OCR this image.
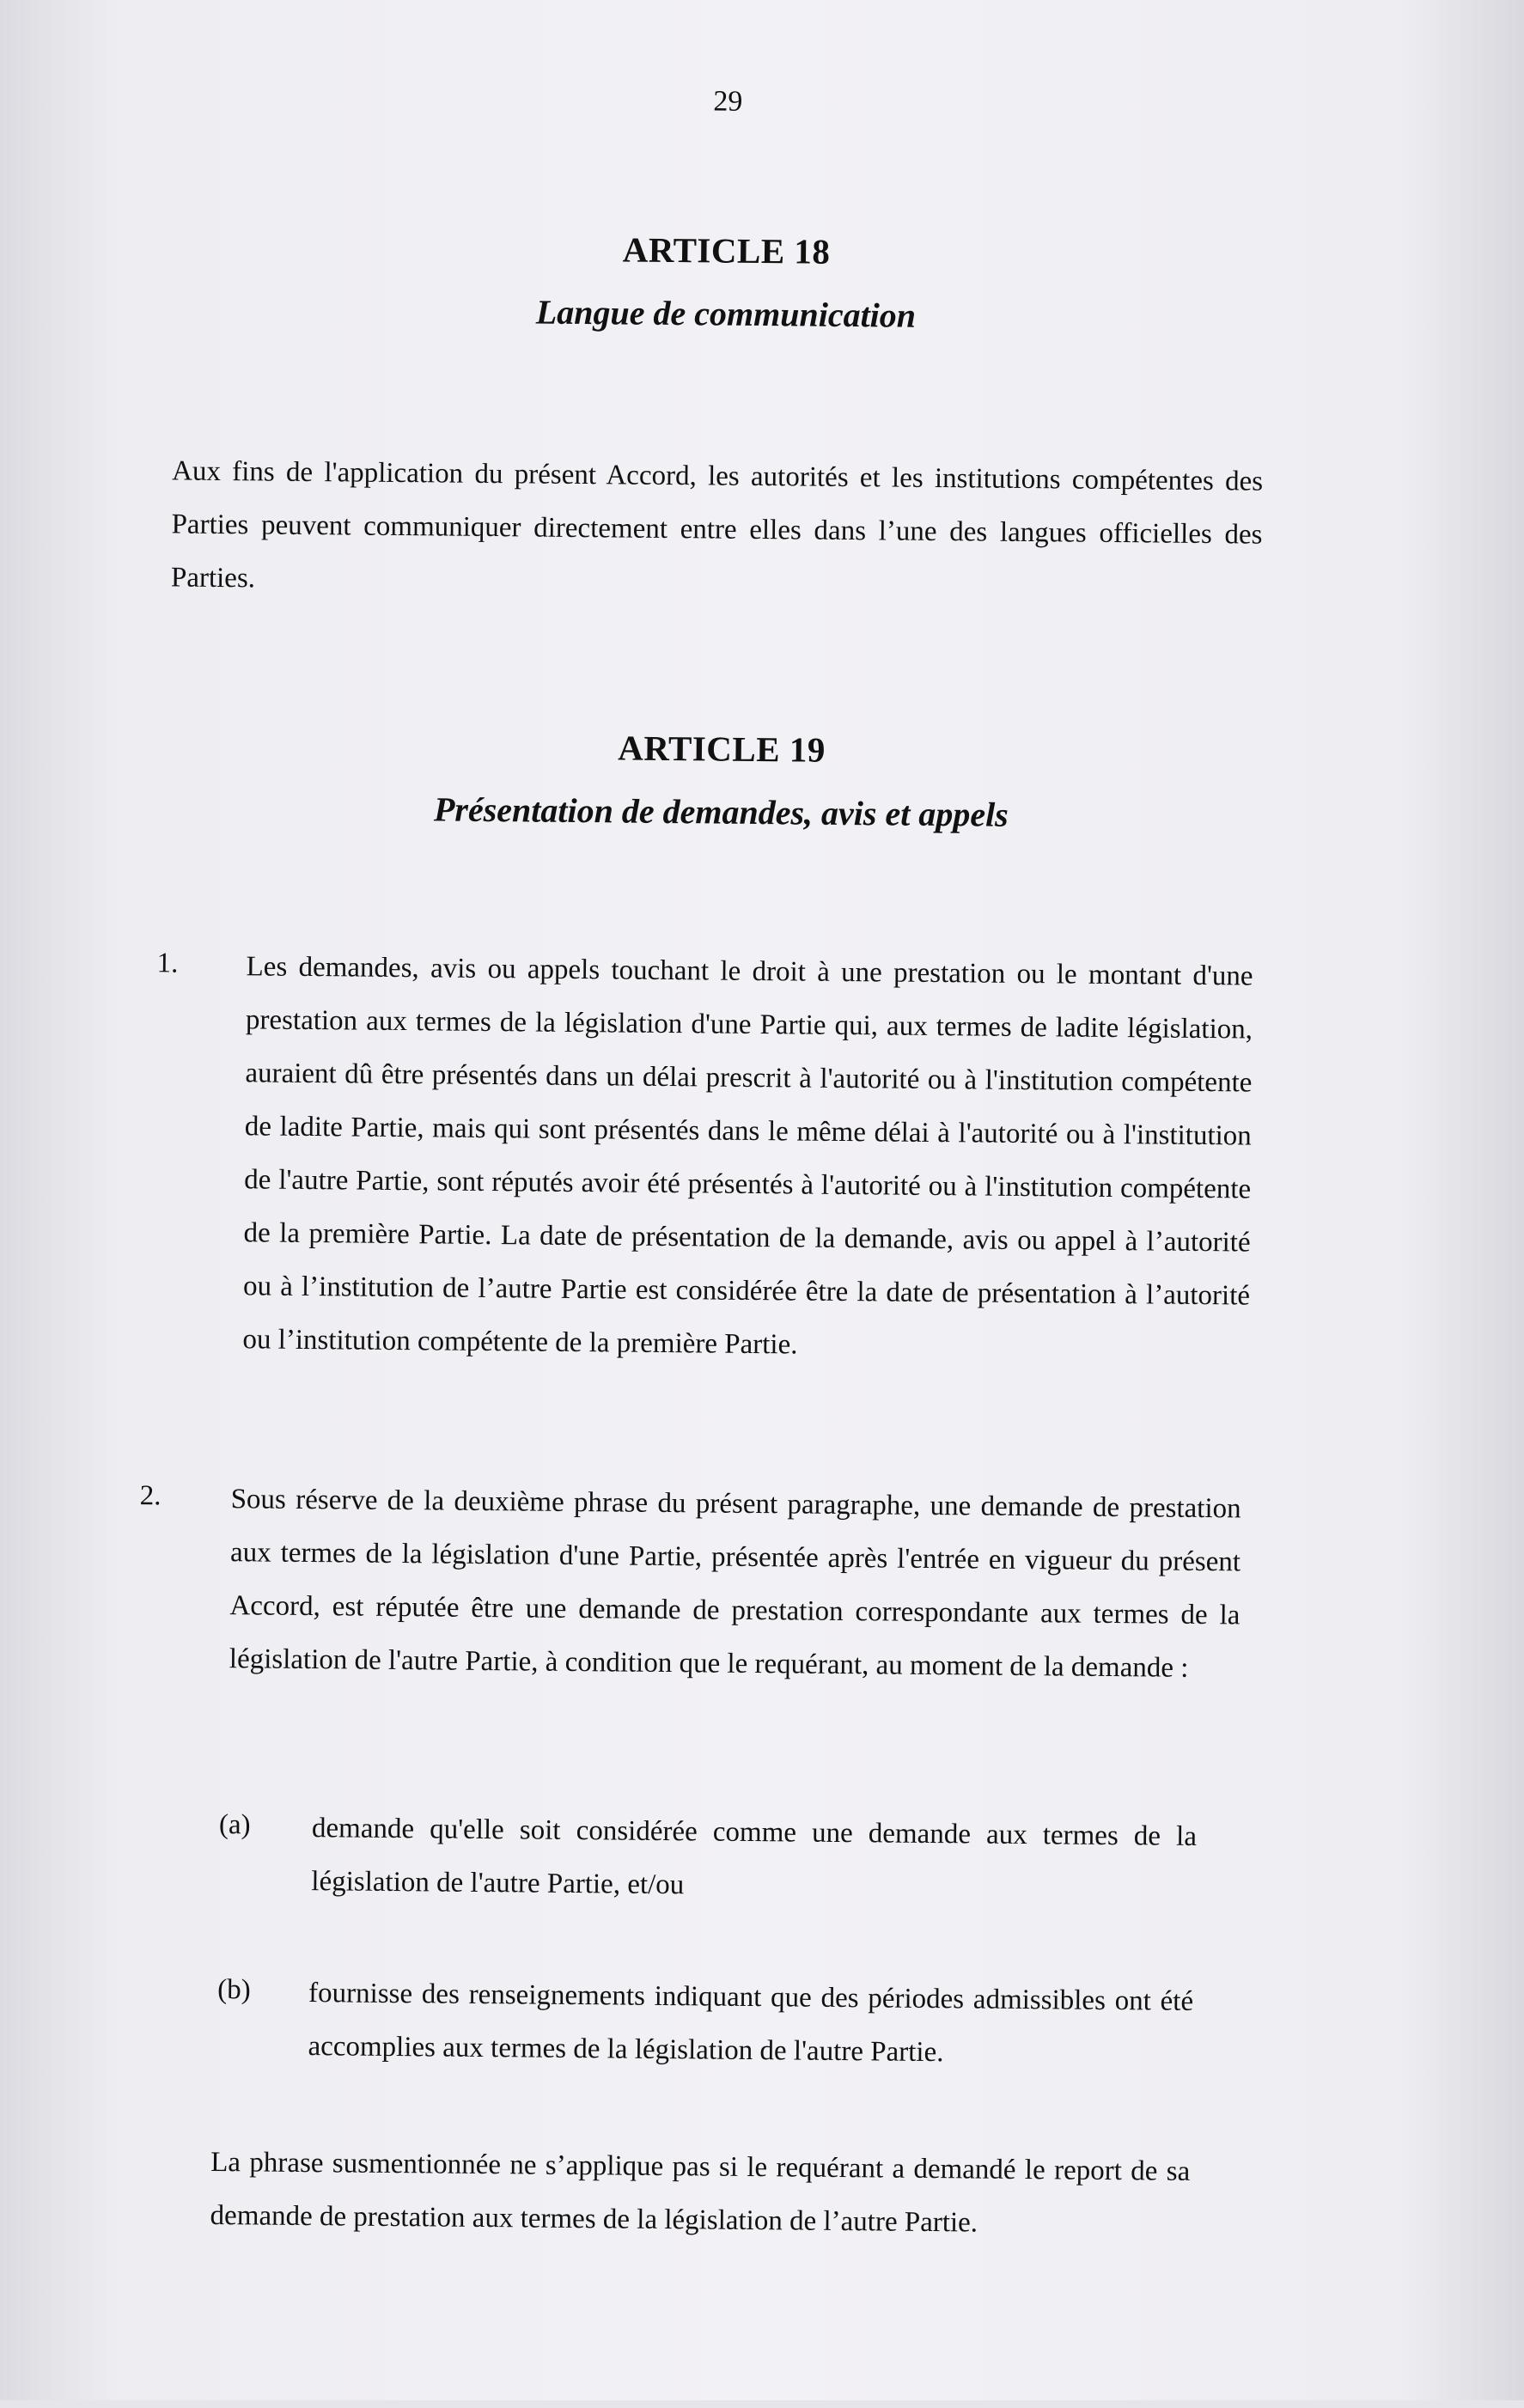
29
ARTICLE 18
Langue de communication
Aux fins de l'application du présent Accord, les autorités et les institutions compétentes des Parties peuvent communiquer directement entre elles dans l’une des langues officielles des Parties.
ARTICLE 19
Présentation de demandes, avis et appels
1. Les demandes, avis ou appels touchant le droit à une prestation ou le montant d'une prestation aux termes de la législation d'une Partie qui, aux termes de ladite législation, auraient dû être présentés dans un délai prescrit à l'autorité ou à l'institution compétente de ladite Partie, mais qui sont présentés dans le même délai à l'autorité ou à l'institution de l'autre Partie, sont réputés avoir été présentés à l'autorité ou à l'institution compétente de la première Partie. La date de présentation de la demande, avis ou appel à l’autorité ou à l’institution de l’autre Partie est considérée être la date de présentation à l’autorité ou l’institution compétente de la première Partie.
2. Sous réserve de la deuxième phrase du présent paragraphe, une demande de prestation aux termes de la législation d'une Partie, présentée après l'entrée en vigueur du présent Accord, est réputée être une demande de prestation correspondante aux termes de la législation de l'autre Partie, à condition que le requérant, au moment de la demande :
(a) demande qu'elle soit considérée comme une demande aux termes de la législation de l'autre Partie, et/ou
(b) fournisse des renseignements indiquant que des périodes admissibles ont été accomplies aux termes de la législation de l'autre Partie.
La phrase susmentionnée ne s’applique pas si le requérant a demandé le report de sa demande de prestation aux termes de la législation de l’autre Partie.
